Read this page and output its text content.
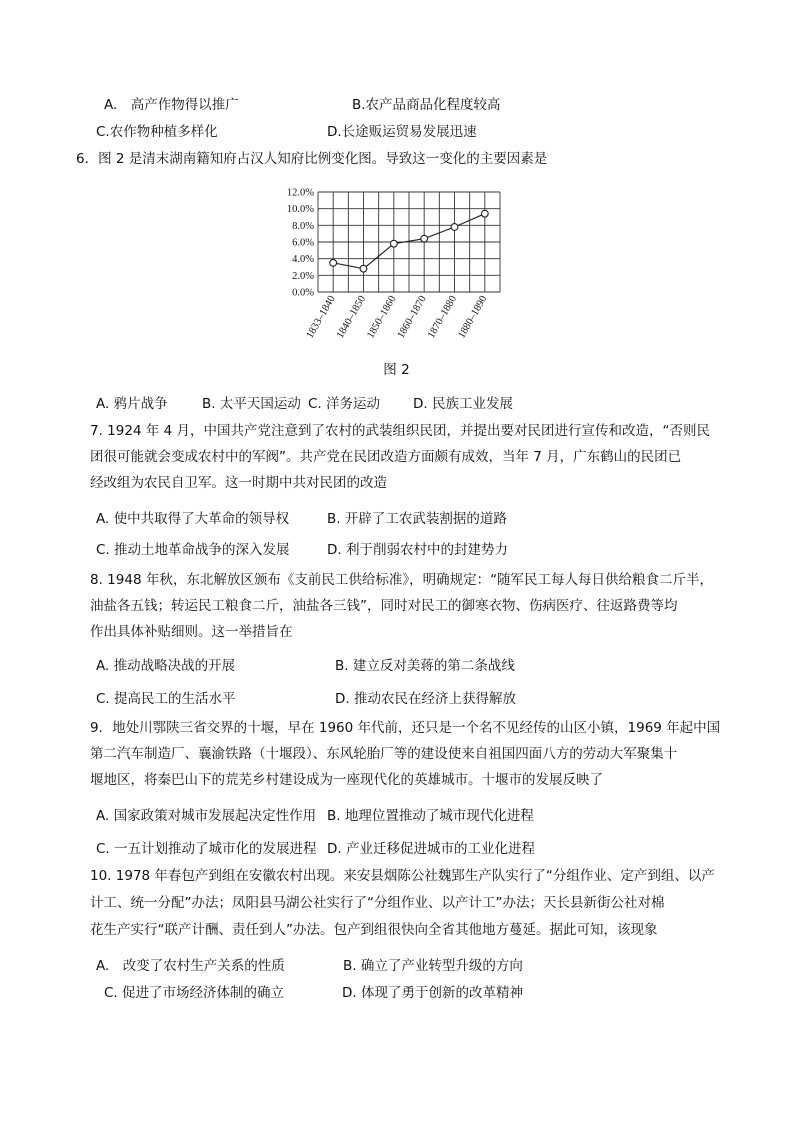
A.　高产作物得以推广	B.农产品商品化程度较高
C.农作物种植多样化	D.长途贩运贸易发展迅速
6．图 2 是清末湖南籍知府占汉人知府比例变化图。导致这一变化的主要因素是
0.0%
2.0%
4.0%
6.0%
8.0%
10.0%
12.0%
1833–1840
1840–1850
1850–1860
1860–1870
1870–1880
1880–1890
图 2
A. 鸦片战争	B. 太平天国运动 C. 洋务运动 D. 民族工业发展
7. 1924 年 4 月，中国共产党注意到了农村的武装组织民团，并提出要对民团进行宣传和改造，“否则民
团很可能就会变成农村中的军阀”。共产党在民团改造方面颇有成效，当年 7 月，广东鹤山的民团已
经改组为农民自卫军。这一时期中共对民团的改造
A. 使中共取得了大革命的领导权	B. 开辟了工农武装割据的道路
C. 推动土地革命战争的深入发展	D. 利于削弱农村中的封建势力
8. 1948 年秋，东北解放区颁布《支前民工供给标准》，明确规定：“随军民工每人每日供给粮食二斤半，
油盐各五钱；转运民工粮食二斤，油盐各三钱”，同时对民工的御寒衣物、伤病医疗、往返路费等均
作出具体补贴细则。这一举措旨在
A. 推动战略决战的开展	B. 建立反对美蒋的第二条战线
C. 提高民工的生活水平	D. 推动农民在经济上获得解放
9．地处川鄂陕三省交界的十堰，早在 1960 年代前，还只是一个名不见经传的山区小镇，1969 年起中国
第二汽车制造厂、襄渝铁路（十堰段）、东风轮胎厂等的建设使来自祖国四面八方的劳动大军聚集十
堰地区，将秦巴山下的荒芜乡村建设成为一座现代化的英雄城市。十堰市的发展反映了
A. 国家政策对城市发展起决定性作用 B. 地理位置推动了城市现代化进程
C. 一五计划推动了城市化的发展进程 D. 产业迁移促进城市的工业化进程
10. 1978 年春包产到组在安徽农村出现。来安县烟陈公社魏郢生产队实行了“分组作业、定产到组、以产
计工、统一分配”办法；凤阳县马湖公社实行了“分组作业、以产计工”办法；天长县新街公社对棉
花生产实行“联产计酬、责任到人”办法。包产到组很快向全省其他地方蔓延。据此可知，该现象
A.　改变了农村生产关系的性质	B. 确立了产业转型升级的方向
C. 促进了市场经济体制的确立	D. 体现了勇于创新的改革精神
